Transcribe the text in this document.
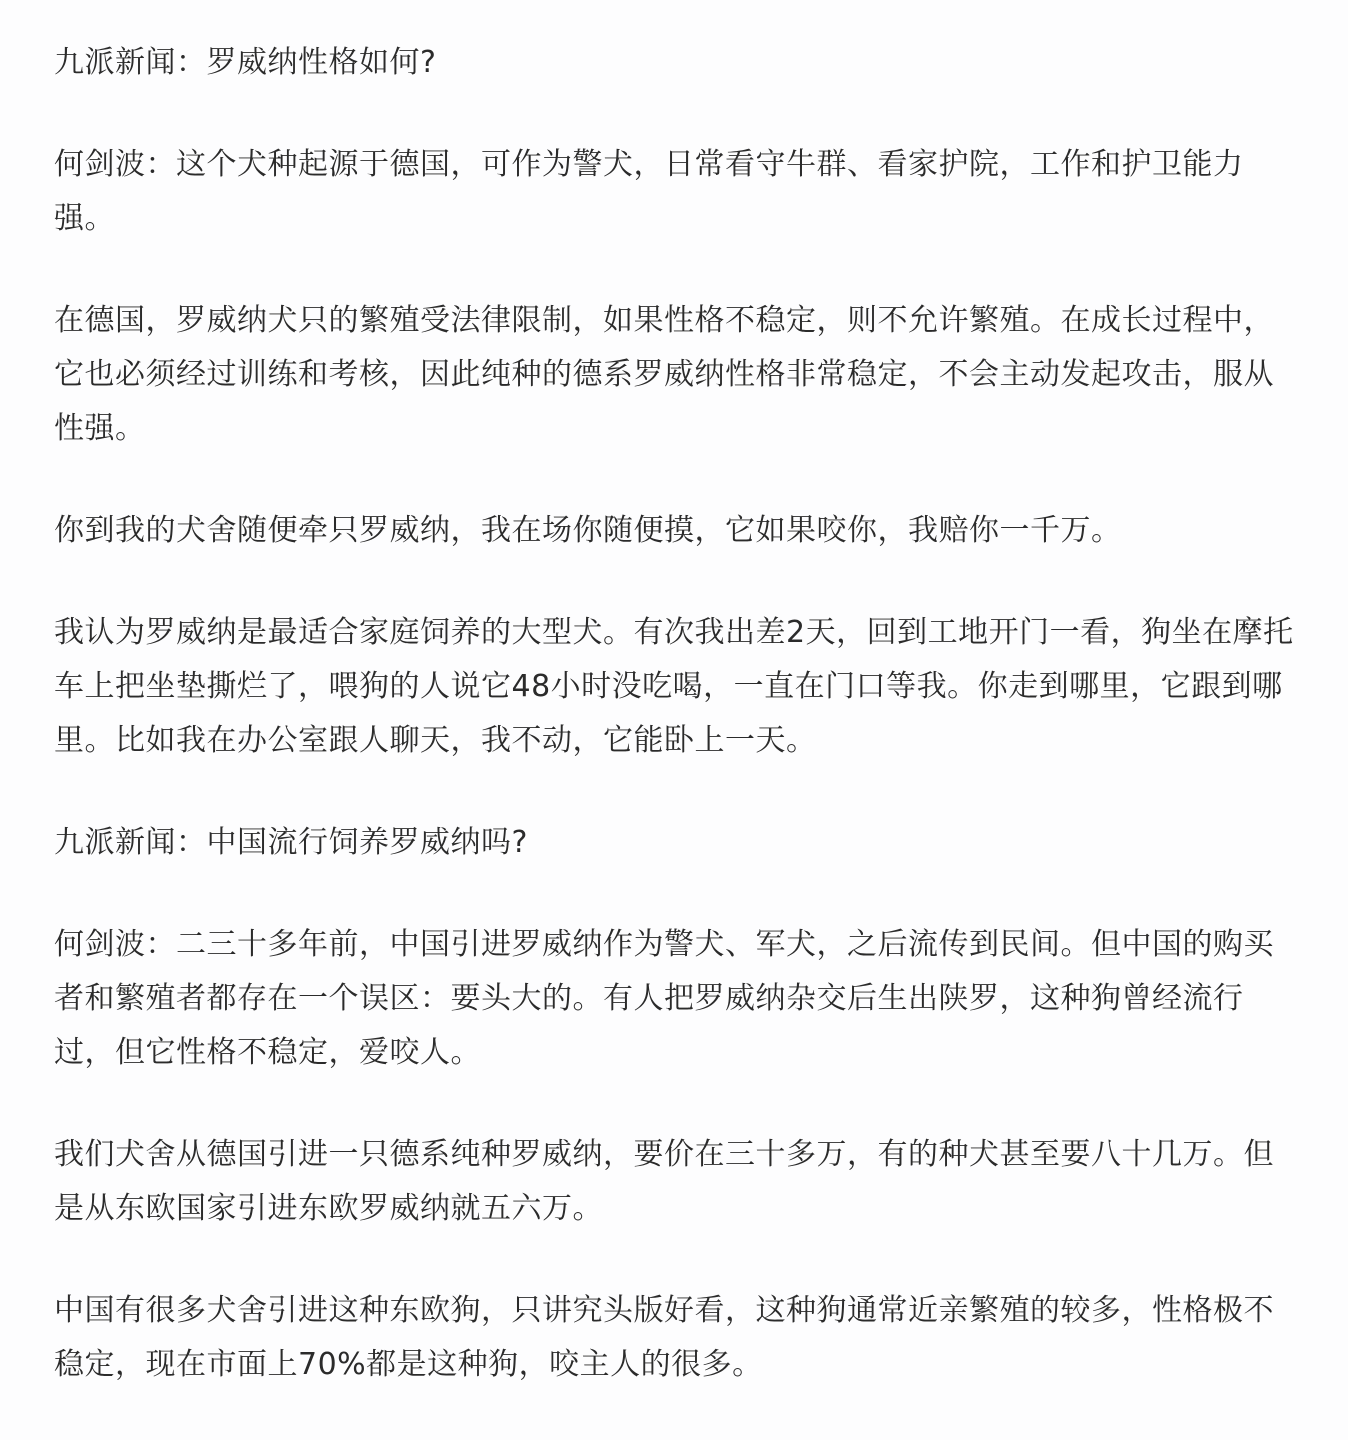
九派新闻：罗威纳性格如何?

何剑波：这个犬种起源于德国，可作为警犬，日常看守牛群、看家护院，工作和护卫能力强。

在德国，罗威纳犬只的繁殖受法律限制，如果性格不稳定，则不允许繁殖。在成长过程中，它也必须经过训练和考核，因此纯种的德系罗威纳性格非常稳定，不会主动发起攻击，服从性强。

你到我的犬舍随便牵只罗威纳，我在场你随便摸，它如果咬你，我赔你一千万。

我认为罗威纳是最适合家庭饲养的大型犬。有次我出差2天，回到工地开门一看，狗坐在摩托车上把坐垫撕烂了，喂狗的人说它48小时没吃喝，一直在门口等我。你走到哪里，它跟到哪里。比如我在办公室跟人聊天，我不动，它能卧上一天。

九派新闻：中国流行饲养罗威纳吗?

何剑波：二三十多年前，中国引进罗威纳作为警犬、军犬，之后流传到民间。但中国的购买者和繁殖者都存在一个误区：要头大的。有人把罗威纳杂交后生出陕罗，这种狗曾经流行过，但它性格不稳定，爱咬人。

我们犬舍从德国引进一只德系纯种罗威纳，要价在三十多万，有的种犬甚至要八十几万。但是从东欧国家引进东欧罗威纳就五六万。

中国有很多犬舍引进这种东欧狗，只讲究头版好看，这种狗通常近亲繁殖的较多，性格极不稳定，现在市面上70%都是这种狗，咬主人的很多。
